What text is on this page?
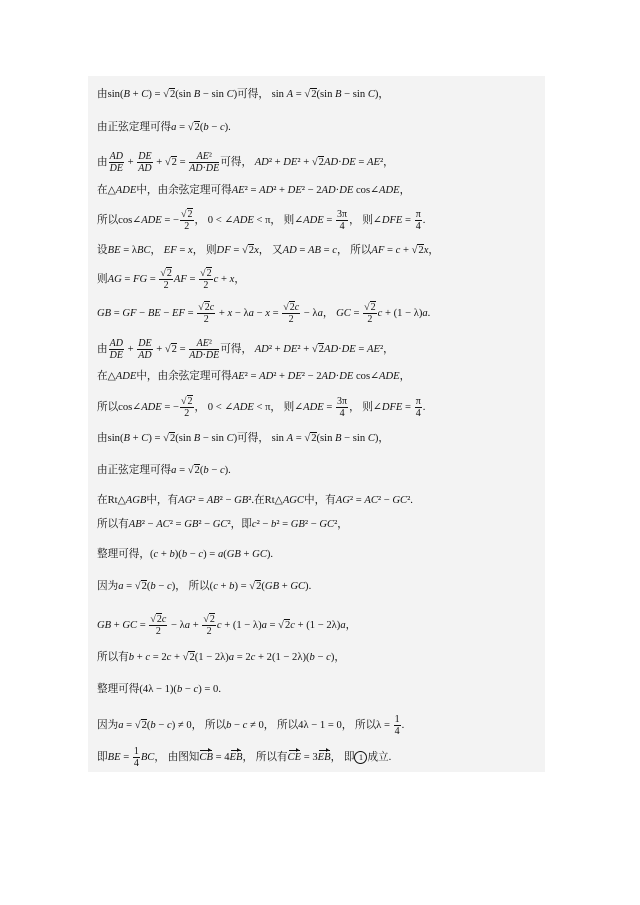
由sin(B + C) = √2(sin B − sin C)可得， sin A = √2(sin B − sin C)，
由正弦定理可得a = √2(b − c).
由 $\frac{AD}{DE} + \frac{DE}{AD} + √2 = \frac{\text{AE²}}{AD\cdot DE}$ 可得， AD² + DE² + √2AD·DE = AE²，
在△ADE中，由余弦定理可得AE² = AD² + DE² − 2AD·DE cos∠ADE，
所以cos∠ADE = − $\frac{√2}{2}$ ， 0 < ∠ADE < π， 则∠ADE = $\frac{3\pi}{4}$ ， 则∠DFE = $\frac{\pi}{4}$ .
设BE = λBC， EF = x， 则DF = √2x， 又AD = AB = c， 所以AF = c + √2x，
则AG = FG = $\frac{√2}{2}$ AF = $\frac{√2}{2}$ c + x，
GB = GF − BE − EF = $\frac{√2c}{2} + x - \lambda a - x = \frac{√2c}{2} - \lambda a$， GC = $\frac{√2}{2}$ c + (1 − λ)a.
由 $\frac{AD}{DE} + \frac{DE}{AD} + √2 = \frac{\text{AE²}}{AD\cdot DE}$ 可得， AD² + DE² + √2AD·DE = AE²，
在△ADE中，由余弦定理可得AE² = AD² + DE² − 2AD·DE cos∠ADE，
所以cos∠ADE = − $\frac{√2}{2}$ ， 0 < ∠ADE < π， 则∠ADE = $\frac{3\pi}{4}$ ， 则∠DFE = $\frac{\pi}{4}$ .
由sin(B + C) = √2(sin B − sin C)可得， sin A = √2(sin B − sin C)，
由正弦定理可得a = √2(b − c).
在Rt△AGB中，有AG² = AB² − GB².在Rt△AGC中，有AG² = AC² − GC².
所以有AB² − AC² = GB² − GC²，即c² − b² = GB² − GC²，
整理可得，(c + b)(b − c) = a(GB + GC).
因为a = √2(b − c)， 所以(c + b) = √2(GB + GC).
GB + GC = $\frac{√2c}{2} - \lambda a + \frac{√2}{2}$ c + (1 − λ)a = √2c + (1 − 2λ)a，
所以有b + c = 2c + √2(1 − 2λ)a = 2c + 2(1 − 2λ)(b − c)，
整理可得(4λ − 1)(b − c) = 0.
因为a = √2(b − c) ≠ 0， 所以b − c ≠ 0， 所以4λ − 1 = 0， 所以$\lambda = \frac{1}{4}$ .
即BE = $\frac{1}{4}$ BC， 由图知CB = 4EB， 所以有CE = 3EB， 即 1 成立.
